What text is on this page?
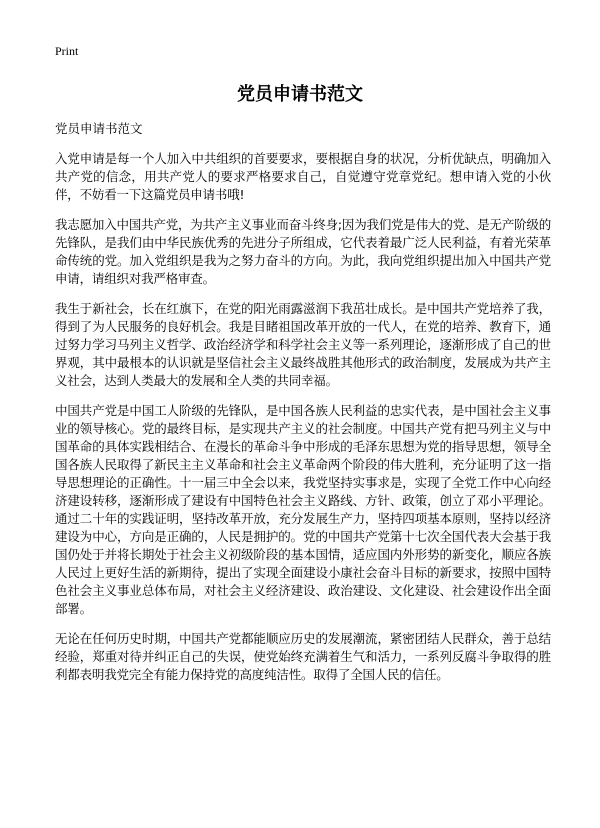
Print
党员申请书范文

党员申请书范文

入党申请是每一个人加入中共组织的首要要求，要根据自身的状况，分析优缺点，明确加入共产党的信念，用共产党人的要求严格要求自己，自觉遵守党章党纪。想申请入党的小伙伴，不妨看一下这篇党员申请书哦!

我志愿加入中国共产党，为共产主义事业而奋斗终身;因为我们党是伟大的党、是无产阶级的先锋队，是我们由中华民族优秀的先进分子所组成，它代表着最广泛人民利益，有着光荣革命传统的党。加入党组织是我为之努力奋斗的方向。为此，我向党组织提出加入中国共产党申请，请组织对我严格审查。

我生于新社会，长在红旗下，在党的阳光雨露滋润下我茁壮成长。是中国共产党培养了我，得到了为人民服务的良好机会。我是目睹祖国改革开放的一代人，在党的培养、教育下，通过努力学习马列主义哲学、政治经济学和科学社会主义等一系列理论，逐渐形成了自己的世界观，其中最根本的认识就是坚信社会主义最终战胜其他形式的政治制度，发展成为共产主义社会，达到人类最大的发展和全人类的共同幸福。

中国共产党是中国工人阶级的先锋队，是中国各族人民利益的忠实代表，是中国社会主义事业的领导核心。党的最终目标，是实现共产主义的社会制度。中国共产党有把马列主义与中国革命的具体实践相结合、在漫长的革命斗争中形成的毛泽东思想为党的指导思想，领导全国各族人民取得了新民主主义革命和社会主义革命两个阶段的伟大胜利，充分证明了这一指导思想理论的正确性。十一届三中全会以来，我党坚持实事求是，实现了全党工作中心向经济建设转移，逐渐形成了建设有中国特色社会主义路线、方针、政策，创立了邓小平理论。通过二十年的实践证明，坚持改革开放，充分发展生产力，坚持四项基本原则，坚持以经济建设为中心，方向是正确的，人民是拥护的。党的中国共产党第十七次全国代表大会基于我国仍处于并将长期处于社会主义初级阶段的基本国情，适应国内外形势的新变化，顺应各族人民过上更好生活的新期待，提出了实现全面建设小康社会奋斗目标的新要求，按照中国特色社会主义事业总体布局，对社会主义经济建设、政治建设、文化建设、社会建设作出全面部署。

无论在任何历史时期，中国共产党都能顺应历史的发展潮流，紧密团结人民群众，善于总结经验，郑重对待并纠正自己的失误，使党始终充满着生气和活力，一系列反腐斗争取得的胜利都表明我党完全有能力保持党的高度纯洁性。取得了全国人民的信任。
